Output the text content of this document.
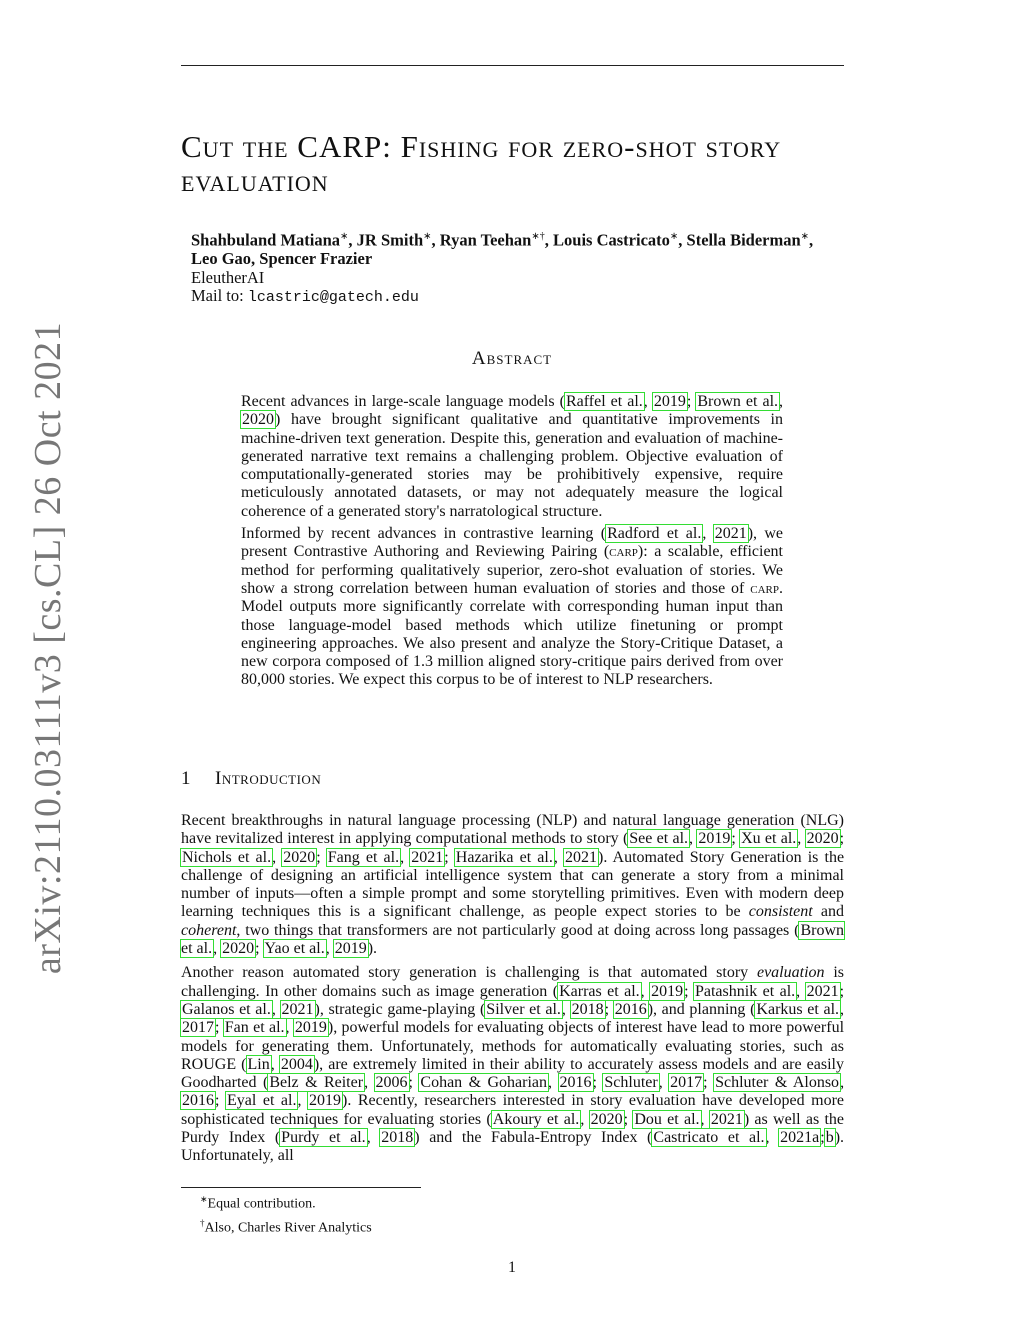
arXiv:2110.03111v3 [cs.CL] 26 Oct 2021
Cut the CARP: Fishing for zero-shot story evaluation
Shahbuland Matiana∗, JR Smith∗, Ryan Teehan∗†, Louis Castricato∗, Stella Biderman∗,
Leo Gao, Spencer Frazier
EleutherAI
Mail to: lcastric@gatech.edu
Abstract

Recent advances in large-scale language models (Raffel et al., 2019; Brown et al., 2020) have brought significant qualitative and quantitative improvements in machine-driven text generation. Despite this, generation and evaluation of machine-generated narrative text remains a challenging problem. Objective evaluation of computationally-generated stories may be prohibitively expensive, require meticulously annotated datasets, or may not adequately measure the logical coherence of a generated story's narratological structure.

Informed by recent advances in contrastive learning (Radford et al., 2021), we present Contrastive Authoring and Reviewing Pairing (carp): a scalable, efficient method for performing qualitatively superior, zero-shot evaluation of stories. We show a strong correlation between human evaluation of stories and those of carp. Model outputs more significantly correlate with corresponding human input than those language-model based methods which utilize finetuning or prompt engineering approaches. We also present and analyze the Story-Critique Dataset, a new corpora composed of 1.3 million aligned story-critique pairs derived from over 80,000 stories. We expect this corpus to be of interest to NLP researchers.

1 Introduction

Recent breakthroughs in natural language processing (NLP) and natural language generation (NLG) have revitalized interest in applying computational methods to story (See et al., 2019; Xu et al., 2020; Nichols et al., 2020; Fang et al., 2021; Hazarika et al., 2021). Automated Story Generation is the challenge of designing an artificial intelligence system that can generate a story from a minimal number of inputs—often a simple prompt and some storytelling primitives. Even with modern deep learning techniques this is a significant challenge, as people expect stories to be consistent and coherent, two things that transformers are not particularly good at doing across long passages (Brown et al., 2020; Yao et al., 2019).

Another reason automated story generation is challenging is that automated story evaluation is challenging. In other domains such as image generation (Karras et al., 2019; Patashnik et al., 2021; Galanos et al., 2021), strategic game-playing (Silver et al., 2018; 2016), and planning (Karkus et al., 2017; Fan et al., 2019), powerful models for evaluating objects of interest have lead to more powerful models for generating them. Unfortunately, methods for automatically evaluating stories, such as ROUGE (Lin, 2004), are extremely limited in their ability to accurately assess models and are easily Goodharted (Belz & Reiter, 2006; Cohan & Goharian, 2016; Schluter, 2017; Schluter & Alonso, 2016; Eyal et al., 2019). Recently, researchers interested in story evaluation have developed more sophisticated techniques for evaluating stories (Akoury et al., 2020; Dou et al., 2021) as well as the Purdy Index (Purdy et al., 2018) and the Fabula-Entropy Index (Castricato et al., 2021a;b). Unfortunately, all

∗Equal contribution.
†Also, Charles River Analytics
1
